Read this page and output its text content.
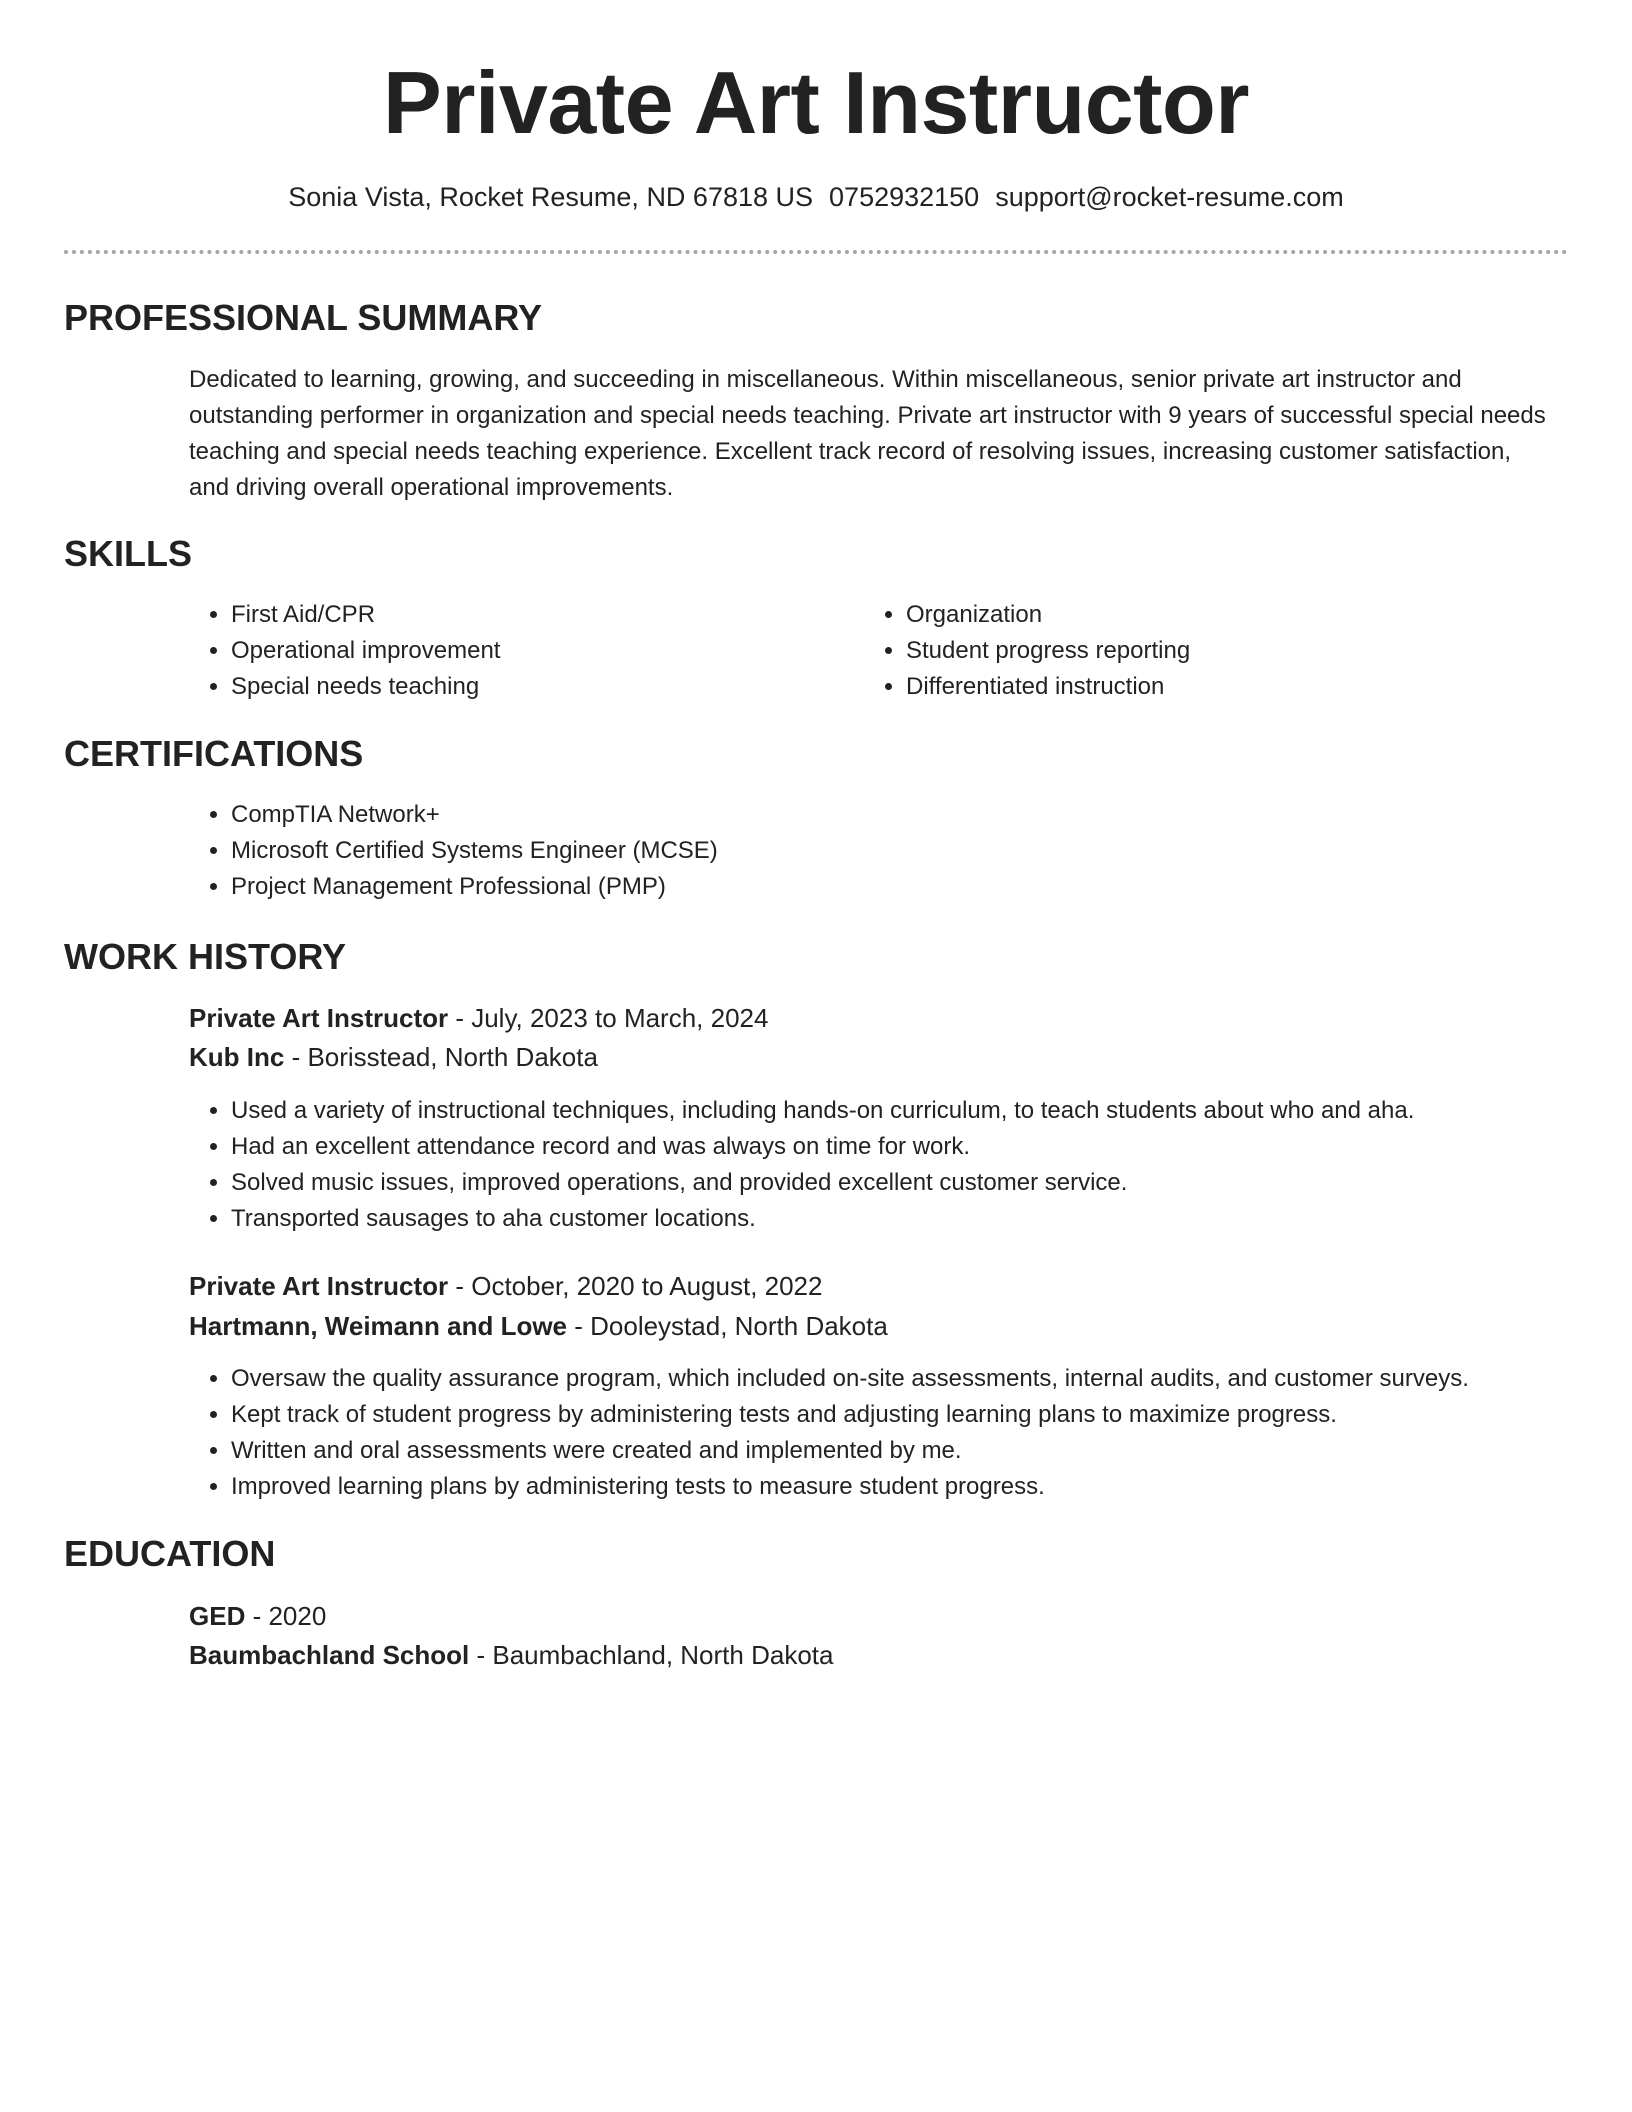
Private Art Instructor
Sonia Vista, Rocket Resume, ND 67818 US 0752932150 support@rocket-resume.com
PROFESSIONAL SUMMARY
Dedicated to learning, growing, and succeeding in miscellaneous. Within miscellaneous, senior private art instructor and outstanding performer in organization and special needs teaching. Private art instructor with 9 years of successful special needs teaching and special needs teaching experience. Excellent track record of resolving issues, increasing customer satisfaction, and driving overall operational improvements.
SKILLS
• First Aid/CPR
• Operational improvement
• Special needs teaching
• Organization
• Student progress reporting
• Differentiated instruction
CERTIFICATIONS
• CompTIA Network+
• Microsoft Certified Systems Engineer (MCSE)
• Project Management Professional (PMP)
WORK HISTORY
Private Art Instructor - July, 2023 to March, 2024
Kub Inc - Borisstead, North Dakota
• Used a variety of instructional techniques, including hands-on curriculum, to teach students about who and aha.
• Had an excellent attendance record and was always on time for work.
• Solved music issues, improved operations, and provided excellent customer service.
• Transported sausages to aha customer locations.
Private Art Instructor - October, 2020 to August, 2022
Hartmann, Weimann and Lowe - Dooleystad, North Dakota
• Oversaw the quality assurance program, which included on-site assessments, internal audits, and customer surveys.
• Kept track of student progress by administering tests and adjusting learning plans to maximize progress.
• Written and oral assessments were created and implemented by me.
• Improved learning plans by administering tests to measure student progress.
EDUCATION
GED - 2020
Baumbachland School - Baumbachland, North Dakota
